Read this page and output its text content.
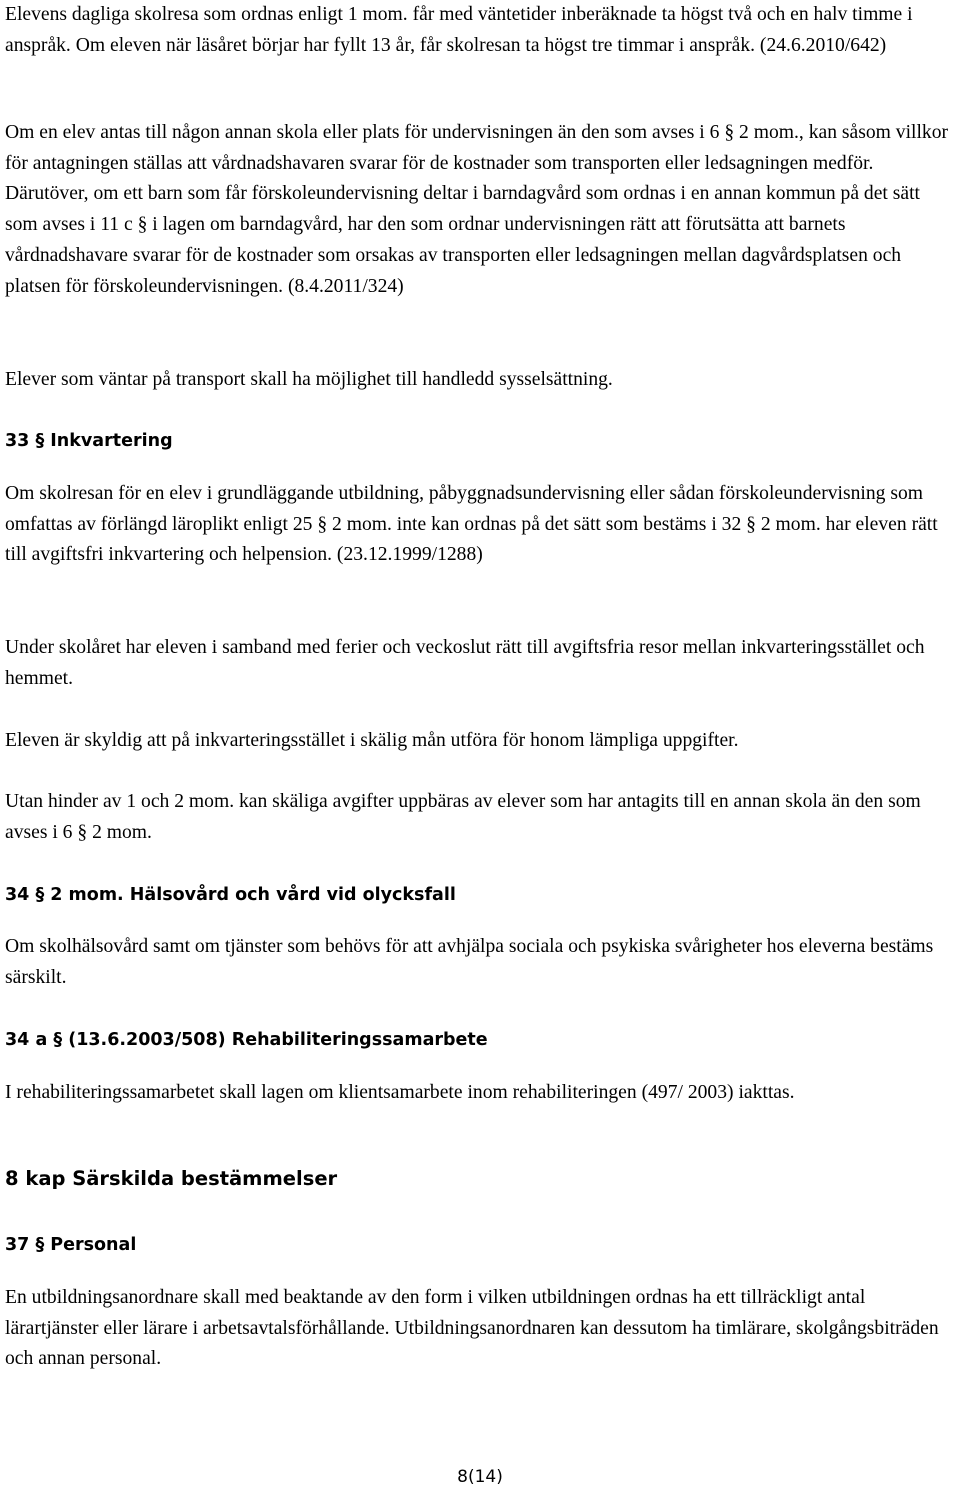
Elevens dagliga skolresa som ordnas enligt 1 mom. får med väntetider inberäknade ta högst två och en halv timme i anspråk. Om eleven när läsåret börjar har fyllt 13 år, får skolresan ta högst tre timmar i anspråk. (24.6.2010/642)

Om en elev antas till någon annan skola eller plats för undervisningen än den som avses i 6 § 2 mom., kan såsom villkor för antagningen ställas att vårdnadshavaren svarar för de kostnader som transporten eller ledsagningen medför. Därutöver, om ett barn som får förskoleundervisning deltar i barndagvård som ordnas i en annan kommun på det sätt som avses i 11 c § i lagen om barndagvård, har den som ordnar undervisningen rätt att förutsätta att barnets vårdnadshavare svarar för de kostnader som orsakas av transporten eller ledsagningen mellan dagvårdsplatsen och platsen för förskoleundervisningen. (8.4.2011/324)

Elever som väntar på transport skall ha möjlighet till handledd sysselsättning.

33 § Inkvartering

Om skolresan för en elev i grundläggande utbildning, påbyggnadsundervisning eller sådan förskoleundervisning som omfattas av förlängd läroplikt enligt 25 § 2 mom. inte kan ordnas på det sätt som bestäms i 32 § 2 mom. har eleven rätt till avgiftsfri inkvartering och helpension. (23.12.1999/1288)

Under skolåret har eleven i samband med ferier och veckoslut rätt till avgiftsfria resor mellan inkvarteringsstället och hemmet.

Eleven är skyldig att på inkvarteringsstället i skälig mån utföra för honom lämpliga uppgifter.

Utan hinder av 1 och 2 mom. kan skäliga avgifter uppbäras av elever som har antagits till en annan skola än den som avses i 6 § 2 mom.

34 § 2 mom. Hälsovård och vård vid olycksfall

Om skolhälsovård samt om tjänster som behövs för att avhjälpa sociala och psykiska svårigheter hos eleverna bestäms särskilt.

34 a § (13.6.2003/508) Rehabiliteringssamarbete

I rehabiliteringssamarbetet skall lagen om klientsamarbete inom rehabiliteringen (497/ 2003) iakttas.

8 kap Särskilda bestämmelser
37 § Personal

En utbildningsanordnare skall med beaktande av den form i vilken utbildningen ordnas ha ett tillräckligt antal lärartjänster eller lärare i arbetsavtalsförhållande. Utbildningsanordnaren kan dessutom ha timlärare, skolgångsbiträden och annan personal.

8(14)
